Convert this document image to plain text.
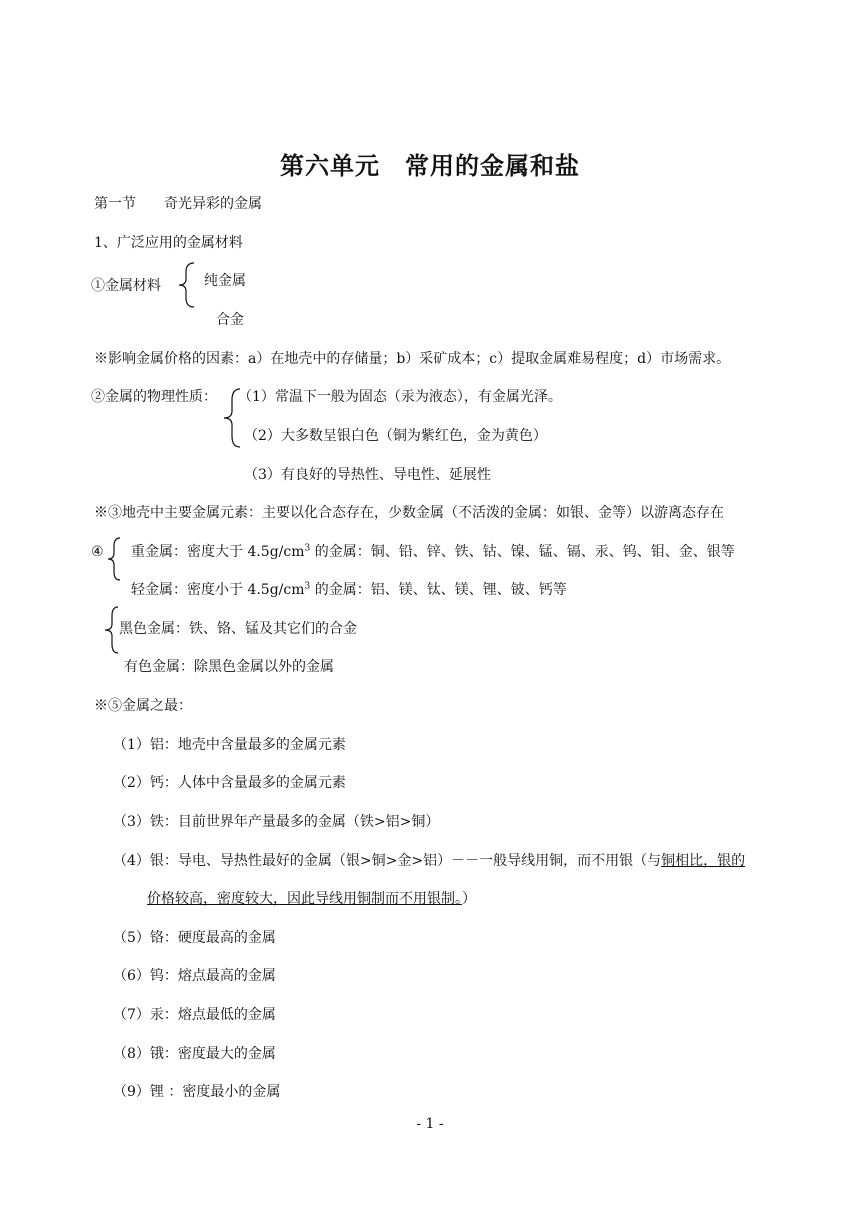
第六单元　常用的金属和盐
第一节　　奇光异彩的金属
1、广泛应用的金属材料
①金属材料	纯金属
合金
※影响金属价格的因素：a）在地壳中的存储量；b）采矿成本；c）提取金属难易程度；d）市场需求。
②金属的物理性质： （1）常温下一般为固态（汞为液态），有金属光泽。
（2）大多数呈银白色（铜为紫红色，金为黄色）
（3）有良好的导热性、导电性、延展性
※③地壳中主要金属元素：主要以化合态存在，少数金属（不活泼的金属：如银、金等）以游离态存在
④ 重金属：密度大于 $4.5g/cm^3$ 的金属：铜、铅、锌、铁、钴、镍、锰、镉、汞、钨、钼、金、银等
轻金属：密度小于 $4.5g/cm^3$ 的金属：铝、镁、钛、镁、锂、铍、钙等
黑色金属：铁、铬、锰及其它们的合金
有色金属：除黑色金属以外的金属
※⑤金属之最：
（1）铝：地壳中含量最多的金属元素
（2）钙：人体中含量最多的金属元素
（3）铁：目前世界年产量最多的金属（铁>铝>铜）
（4）银：导电、导热性最好的金属（银>铜>金>铝）－－一般导线用铜，而不用银（与铜相比，银的
价格较高，密度较大，因此导线用铜制而不用银制。）
（5）铬：硬度最高的金属
（6）钨：熔点最高的金属
（7）汞：熔点最低的金属
（8）锇：密度最大的金属
（9）锂 ：密度最小的金属
- 1 -
